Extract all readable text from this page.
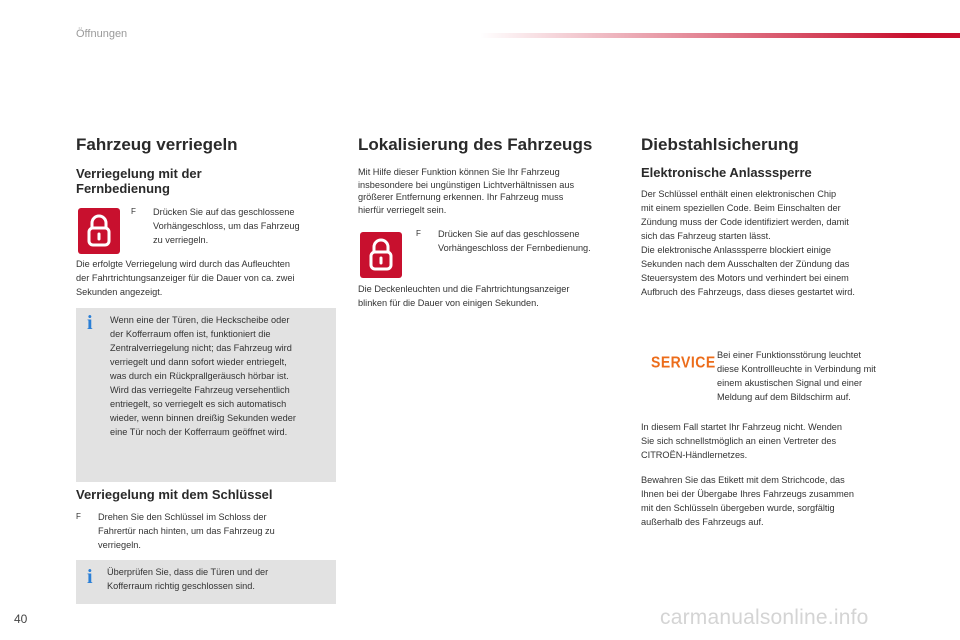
Öffnungen
Fahrzeug verriegeln
Verriegelung mit der
Fernbedienung
F	Drücken Sie auf das geschlossene
Vorhängeschloss, um das Fahrzeug
zu verriegeln.
Die erfolgte Verriegelung wird durch das Aufleuchten
der Fahrtrichtungsanzeiger für die Dauer von ca. zwei
Sekunden angezeigt.
i Wenn eine der Türen, die Heckscheibe oder
der Kofferraum offen ist, funktioniert die
Zentralverriegelung nicht; das Fahrzeug wird
verriegelt und dann sofort wieder entriegelt,
was durch ein Rückprallgeräusch hörbar ist.
Wird das verriegelte Fahrzeug versehentlich
entriegelt, so verriegelt es sich automatisch
wieder, wenn binnen dreißig Sekunden weder
eine Tür noch der Kofferraum geöffnet wird.
Verriegelung mit dem Schlüssel
F	Drehen Sie den Schlüssel im Schloss der
Fahrertür nach hinten, um das Fahrzeug zu
verriegeln.
i Überprüfen Sie, dass die Türen und der
Kofferraum richtig geschlossen sind.
Lokalisierung des Fahrzeugs
Mit Hilfe dieser Funktion können Sie Ihr Fahrzeug
insbesondere bei ungünstigen Lichtverhältnissen aus
größerer Entfernung erkennen. Ihr Fahrzeug muss
hierfür verriegelt sein.
F	Drücken Sie auf das geschlossene
Vorhängeschloss der Fernbedienung.
Die Deckenleuchten und die Fahrtrichtungsanzeiger
blinken für die Dauer von einigen Sekunden.
Diebstahlsicherung
Elektronische Anlasssperre
Der Schlüssel enthält einen elektronischen Chip
mit einem speziellen Code. Beim Einschalten der
Zündung muss der Code identifiziert werden, damit
sich das Fahrzeug starten lässt.
Die elektronische Anlasssperre blockiert einige
Sekunden nach dem Ausschalten der Zündung das
Steuersystem des Motors und verhindert bei einem
Aufbruch des Fahrzeugs, dass dieses gestartet wird.
SERVICE Bei einer Funktionsstörung leuchtet
diese Kontrollleuchte in Verbindung mit
einem akustischen Signal und einer
Meldung auf dem Bildschirm auf.
In diesem Fall startet Ihr Fahrzeug nicht. Wenden
Sie sich schnellstmöglich an einen Vertreter des
CITROËN-Händlernetzes.
Bewahren Sie das Etikett mit dem Strichcode, das
Ihnen bei der Übergabe Ihres Fahrzeugs zusammen
mit den Schlüsseln übergeben wurde, sorgfältig
außerhalb des Fahrzeugs auf.
40	carmanualsonline.info
